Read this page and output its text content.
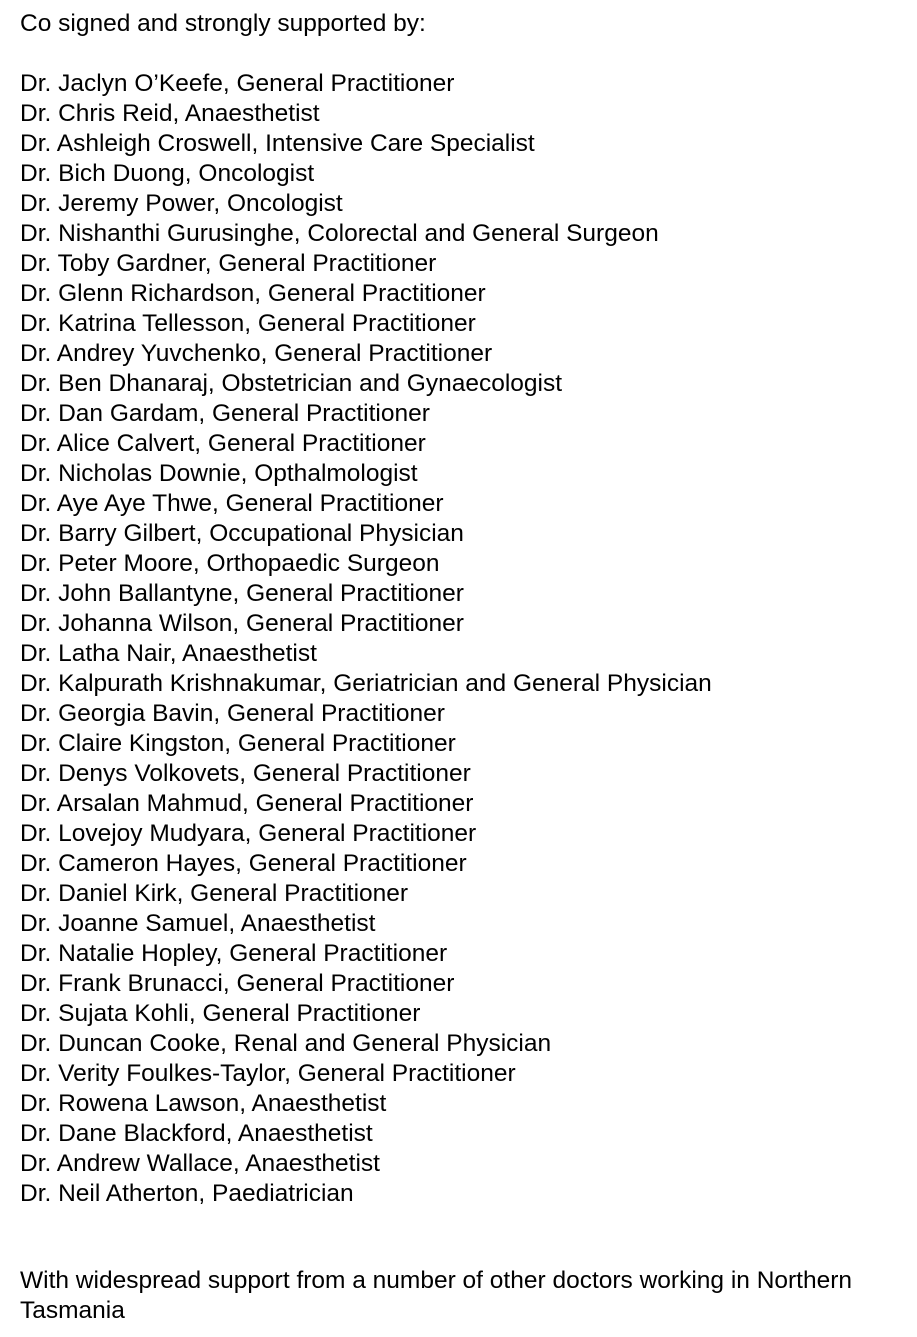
Co signed and strongly supported by:

Dr. Jaclyn O’Keefe, General Practitioner
Dr. Chris Reid, Anaesthetist
Dr. Ashleigh Croswell, Intensive Care Specialist
Dr. Bich Duong, Oncologist
Dr. Jeremy Power, Oncologist
Dr. Nishanthi Gurusinghe, Colorectal and General Surgeon
Dr. Toby Gardner, General Practitioner
Dr. Glenn Richardson, General Practitioner
Dr. Katrina Tellesson, General Practitioner
Dr. Andrey Yuvchenko, General Practitioner
Dr. Ben Dhanaraj, Obstetrician and Gynaecologist
Dr. Dan Gardam, General Practitioner
Dr. Alice Calvert, General Practitioner
Dr. Nicholas Downie, Opthalmologist
Dr. Aye Aye Thwe, General Practitioner
Dr. Barry Gilbert, Occupational Physician
Dr. Peter Moore, Orthopaedic Surgeon
Dr. John Ballantyne, General Practitioner
Dr. Johanna Wilson, General Practitioner
Dr. Latha Nair, Anaesthetist
Dr. Kalpurath Krishnakumar, Geriatrician and General Physician
Dr. Georgia Bavin, General Practitioner
Dr. Claire Kingston, General Practitioner
Dr. Denys Volkovets, General Practitioner
Dr. Arsalan Mahmud, General Practitioner
Dr. Lovejoy Mudyara, General Practitioner
Dr. Cameron Hayes, General Practitioner
Dr. Daniel Kirk, General Practitioner
Dr. Joanne Samuel, Anaesthetist
Dr. Natalie Hopley, General Practitioner
Dr. Frank Brunacci, General Practitioner
Dr. Sujata Kohli, General Practitioner
Dr. Duncan Cooke, Renal and General Physician
Dr. Verity Foulkes-Taylor, General Practitioner
Dr. Rowena Lawson, Anaesthetist
Dr. Dane Blackford, Anaesthetist
Dr. Andrew Wallace, Anaesthetist
Dr. Neil Atherton, Paediatrician

With widespread support from a number of other doctors working in Northern Tasmania
